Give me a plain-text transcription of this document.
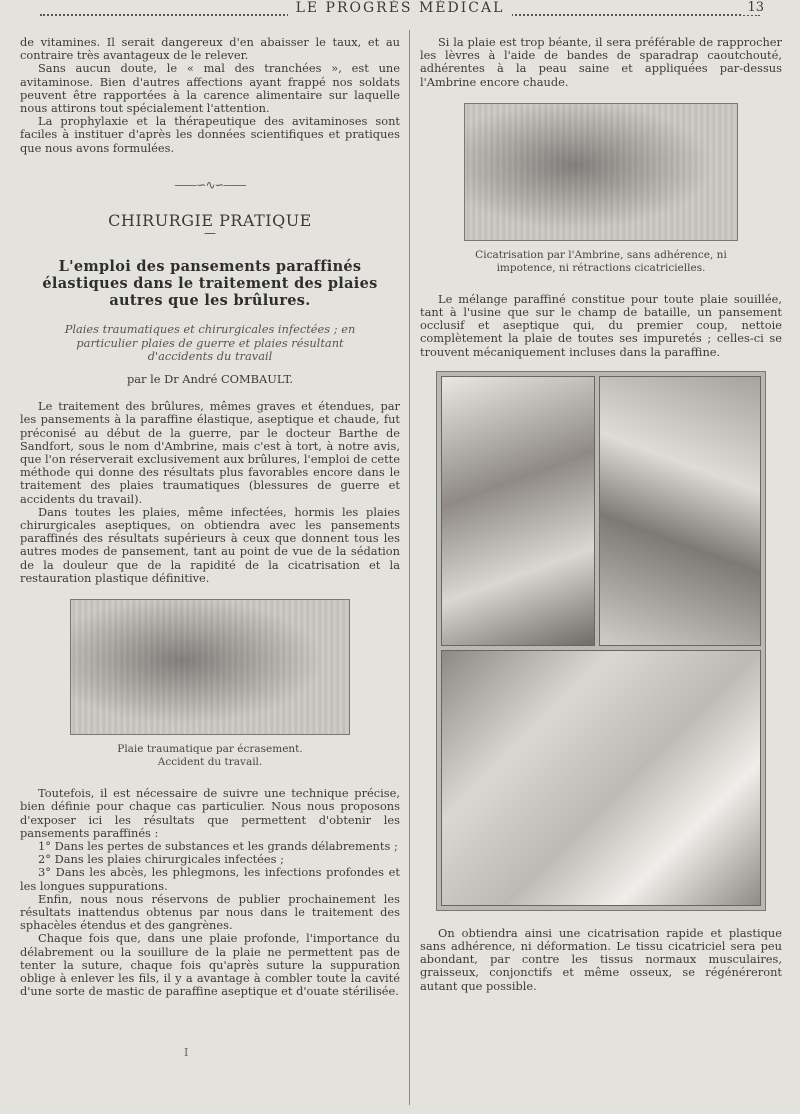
LE PROGRÈS MÉDICAL	13

de vitamines. Il serait dangereux d'en abaisser le taux, et au contraire très avantageux de le relever.

Sans aucun doute, le « mal des tranchées », est une avitaminose. Bien d'autres affections ayant frappé nos soldats peuvent être rapportées à la carence alimentaire sur laquelle nous attirons tout spécialement l'attention.

La prophylaxie et la thérapeutique des avitaminoses sont faciles à instituer d'après les données scientifiques et pratiques que nous avons formulées.

——∽∿∽——
CHIRURGIE PRATIQUE
—
L'emploi des pansements paraffinés élastiques dans le traitement des plaies autres que les brûlures.
Plaies traumatiques et chirurgicales infectées ; en particulier plaies de guerre et plaies résultant d'accidents du travail
par le Dr André COMBAULT.

Le traitement des brûlures, mêmes graves et étendues, par les pansements à la paraffine élastique, aseptique et chaude, fut préconisé au début de la guerre, par le docteur Barthe de Sandfort, sous le nom d'Ambrine, mais c'est à tort, à notre avis, que l'on réserverait exclusivement aux brûlures, l'emploi de cette méthode qui donne des résultats plus favorables encore dans le traitement des plaies traumatiques (blessures de guerre et accidents du travail).

Dans toutes les plaies, même infectées, hormis les plaies chirurgicales aseptiques, on obtiendra avec les pansements paraffinés des résultats supérieurs à ceux que donnent tous les autres modes de pansement, tant au point de vue de la sédation de la douleur que de la rapidité de la cicatrisation et la restauration plastique définitive.

Plaie traumatique par écrasement.
Accident du travail.

Toutefois, il est nécessaire de suivre une technique précise, bien définie pour chaque cas particulier. Nous nous proposons d'exposer ici les résultats que permettent d'obtenir les pansements paraffinés :

1° Dans les pertes de substances et les grands délabrements ;

2° Dans les plaies chirurgicales infectées ;

3° Dans les abcès, les phlegmons, les infections profondes et les longues suppurations.

Enfin, nous nous réservons de publier prochainement les résultats inattendus obtenus par nous dans le traitement des sphacèles étendus et des gangrènes.

Chaque fois que, dans une plaie profonde, l'importance du délabrement ou la souillure de la plaie ne permettent pas de tenter la suture, chaque fois qu'après suture la suppuration oblige à enlever les fils, il y a avantage à combler toute la cavité d'une sorte de mastic de paraffine aseptique et d'ouate stérilisée.

I

Si la plaie est trop béante, il sera préférable de rapprocher les lèvres à l'aide de bandes de sparadrap caoutchouté, adhérentes à la peau saine et appliquées par-dessus l'Ambrine encore chaude.

Cicatrisation par l'Ambrine, sans adhérence, ni
impotence, ni rétractions cicatricielles.

Le mélange paraffiné constitue pour toute plaie souillée, tant à l'usine que sur le champ de bataille, un pansement occlusif et aseptique qui, du premier coup, nettoie complètement la plaie de toutes ses impuretés ; celles-ci se trouvent mécaniquement incluses dans la paraffine.

On obtiendra ainsi une cicatrisation rapide et plastique sans adhérence, ni déformation. Le tissu cicatriciel sera peu abondant, par contre les tissus normaux musculaires, graisseux, conjonctifs et même osseux, se régénéreront autant que possible.
